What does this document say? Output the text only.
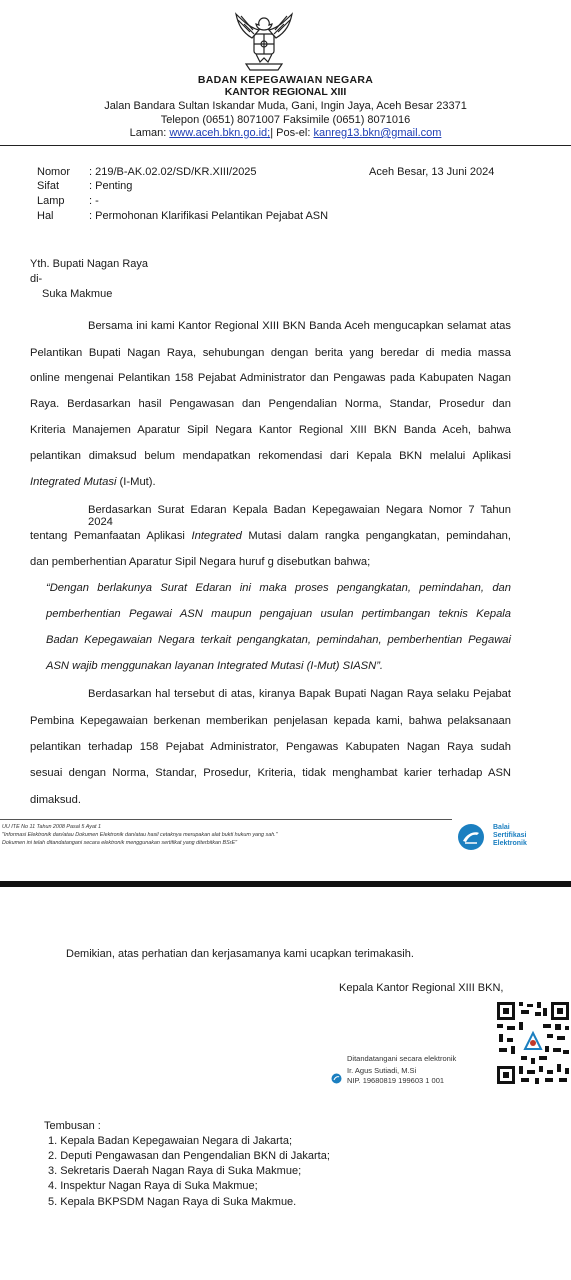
BADAN KEPEGAWAIAN NEGARA
KANTOR REGIONAL XIII
Jalan Bandara Sultan Iskandar Muda, Gani, Ingin Jaya, Aceh Besar 23371
Telepon (0651) 8071007 Faksimile (0651) 8071016
Laman: www.aceh.bkn.go.id;| Pos-el: kanreg13.bkn@gmail.com
Nomor : 219/B-AK.02.02/SD/KR.XIII/2025	Aceh Besar, 13 Juni 2024
Sifat	: Penting
Lamp : -
Hal	: Permohonan Klarifikasi Pelantikan Pejabat ASN
Yth. Bupati Nagan Raya
di-
Suka Makmue
Bersama ini kami Kantor Regional XIII BKN Banda Aceh mengucapkan selamat atas
Pelantikan Bupati Nagan Raya, sehubungan dengan berita yang beredar di media massa
online mengenai Pelantikan 158 Pejabat Administrator dan Pengawas pada Kabupaten Nagan
Raya. Berdasarkan hasil Pengawasan dan Pengendalian Norma, Standar, Prosedur dan
Kriteria Manajemen Aparatur Sipil Negara Kantor Regional XIII BKN Banda Aceh, bahwa
pelantikan dimaksud belum mendapatkan rekomendasi dari Kepala BKN melalui Aplikasi
Integrated Mutasi (I-Mut).
Berdasarkan Surat Edaran Kepala Badan Kepegawaian Negara Nomor 7 Tahun 2024
tentang Pemanfaatan Aplikasi Integrated Mutasi dalam rangka pengangkatan, pemindahan,
dan pemberhentian Aparatur Sipil Negara huruf g disebutkan bahwa;
“Dengan berlakunya Surat Edaran ini maka proses pengangkatan, pemindahan, dan
pemberhentian Pegawai ASN maupun pengajuan usulan pertimbangan teknis Kepala
Badan Kepegawaian Negara terkait pengangkatan, pemindahan, pemberhentian Pegawai
ASN wajib menggunakan layanan Integrated Mutasi (I-Mut) SIASN”.
Berdasarkan hal tersebut di atas, kiranya Bapak Bupati Nagan Raya selaku Pejabat
Pembina Kepegawaian berkenan memberikan penjelasan kepada kami, bahwa pelaksanaan
pelantikan terhadap 158 Pejabat Administrator, Pengawas Kabupaten Nagan Raya sudah
sesuai dengan Norma, Standar, Prosedur, Kriteria, tidak menghambat karier terhadap ASN
dimaksud.
UU ITE No 11 Tahun 2008 Pasal 5 Ayat 1
"Informasi Elektronik dan/atau Dokumen Elektronik dan/atau hasil cetaknya merupakan alat bukti hukum yang sah."
Dokumen ini telah ditandatangani secara elektronik menggunakan sertifikat yang diterbitkan BSrE"
Balai
Sertifikasi
Elektronik
Demikian, atas perhatian dan kerjasamanya kami ucapkan terimakasih.
Kepala Kantor Regional XIII BKN,
Ditandatangani secara elektronik
Ir. Agus Sutiadi, M.Si
NIP. 19680819 199603 1 001
Tembusan :
1. Kepala Badan Kepegawaian Negara di Jakarta;
2. Deputi Pengawasan dan Pengendalian BKN di Jakarta;
3. Sekretaris Daerah Nagan Raya di Suka Makmue;
4. Inspektur Nagan Raya di Suka Makmue;
5. Kepala BKPSDM Nagan Raya di Suka Makmue.
